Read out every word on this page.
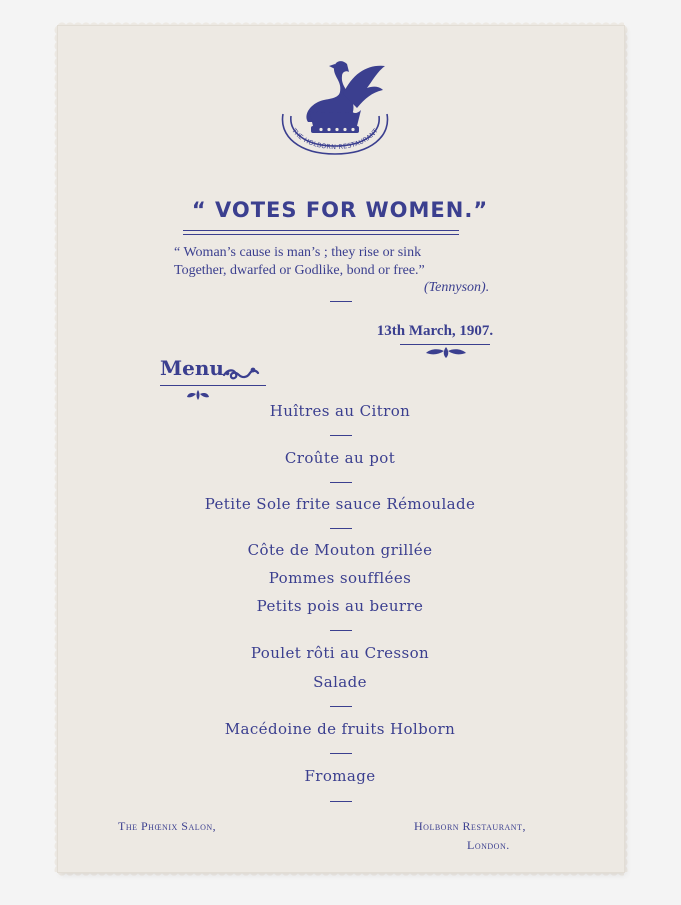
THE·HOLBORN·RESTAURANT
“ VOTES FOR WOMEN.”
“ Woman’s cause is man’s ; they rise or sink
Together, dwarfed or Godlike, bond or free.”
(Tennyson).
13th March, 1907.
Menu.
Huîtres au Citron
Croûte au pot
Petite Sole frite sauce Rémoulade
Côte de Mouton grillée
Pommes soufflées
Petits pois au beurre
Poulet rôti au Cresson
Salade
Macédoine de fruits Holborn
Fromage
The Phœnix Salon,	Holborn Restaurant,
London.
